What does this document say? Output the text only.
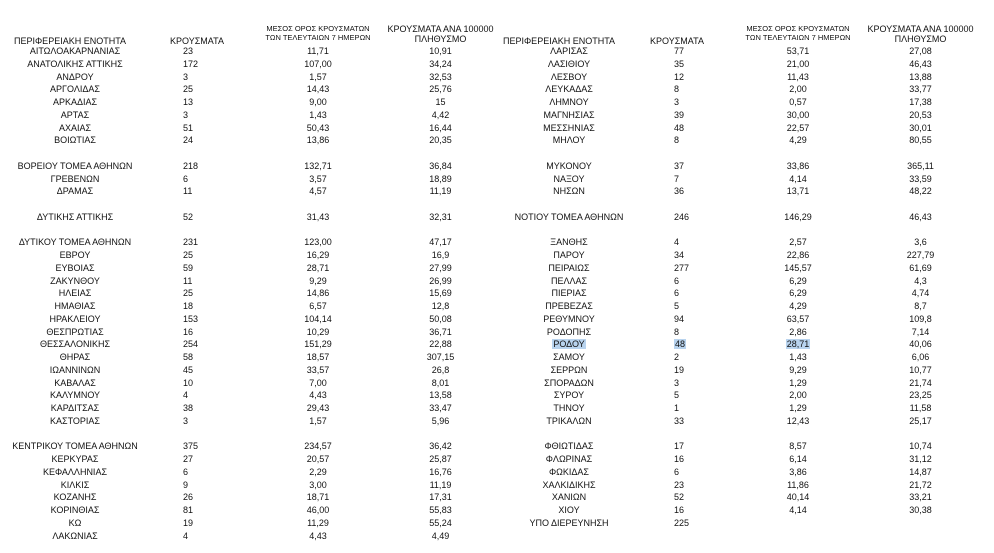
ΠΕΡΙΦΕΡΕΙΑΚΗ ΕΝΟΤΗΤΑ	ΚΡΟΥΣΜΑΤΑ
ΜΕΣΟΣ ΟΡΟΣ ΚΡΟΥΣΜΑΤΩΝ
ΤΩΝ ΤΕΛΕΥΤΑΙΩΝ 7 ΗΜΕΡΩΝ
ΚΡΟΥΣΜΑΤΑ ΑΝΑ 100000
ΠΛΗΘΥΣΜΟ	ΠΕΡΙΦΕΡΕΙΑΚΗ ΕΝΟΤΗΤΑ	ΚΡΟΥΣΜΑΤΑ
ΜΕΣΟΣ ΟΡΟΣ ΚΡΟΥΣΜΑΤΩΝ
ΤΩΝ ΤΕΛΕΥΤΑΙΩΝ 7 ΗΜΕΡΩΝ
ΚΡΟΥΣΜΑΤΑ ΑΝΑ 100000
ΠΛΗΘΥΣΜΟ
ΑΙΤΩΛΟΑΚΑΡΝΑΝΙΑΣ	23	11,71	10,91
ΑΝΑΤΟΛΙΚΗΣ ΑΤΤΙΚΗΣ	172	107,00	34,24
ΑΝΔΡΟΥ	3	1,57	32,53
ΑΡΓΟΛΙΔΑΣ	25	14,43	25,76
ΑΡΚΑΔΙΑΣ	13	9,00	15
ΑΡΤΑΣ	3	1,43	4,42
ΑΧΑΙΑΣ	51	50,43	16,44
ΒΟΙΩΤΙΑΣ	24	13,86	20,35
ΒΟΡΕΙΟΥ ΤΟΜΕΑ ΑΘΗΝΩΝ	218	132,71	36,84
ΓΡΕΒΕΝΩΝ	6	3,57	18,89
ΔΡΑΜΑΣ	11	4,57	11,19
ΔΥΤΙΚΗΣ ΑΤΤΙΚΗΣ	52	31,43	32,31
ΔΥΤΙΚΟΥ ΤΟΜΕΑ ΑΘΗΝΩΝ	231	123,00	47,17
ΕΒΡΟΥ	25	16,29	16,9
ΕΥΒΟΙΑΣ	59	28,71	27,99
ΖΑΚΥΝΘΟΥ	11	9,29	26,99
ΗΛΕΙΑΣ	25	14,86	15,69
ΗΜΑΘΙΑΣ	18	6,57	12,8
ΗΡΑΚΛΕΙΟΥ	153	104,14	50,08
ΘΕΣΠΡΩΤΙΑΣ	16	10,29	36,71
ΘΕΣΣΑΛΟΝΙΚΗΣ	254	151,29	22,88
ΘΗΡΑΣ	58	18,57	307,15
ΙΩΑΝΝΙΝΩΝ	45	33,57	26,8
ΚΑΒΑΛΑΣ	10	7,00	8,01
ΚΑΛΥΜΝΟΥ	4	4,43	13,58
ΚΑΡΔΙΤΣΑΣ	38	29,43	33,47
ΚΑΣΤΟΡΙΑΣ	3	1,57	5,96
ΚΕΝΤΡΙΚΟΥ ΤΟΜΕΑ ΑΘΗΝΩΝ	375	234,57	36,42
ΚΕΡΚΥΡΑΣ	27	20,57	25,87
ΚΕΦΑΛΛΗΝΙΑΣ	6	2,29	16,76
ΚΙΛΚΙΣ	9	3,00	11,19
ΚΟΖΑΝΗΣ	26	18,71	17,31
ΚΟΡΙΝΘΙΑΣ	81	46,00	55,83
ΚΩ	19	11,29	55,24
ΛΑΚΩΝΙΑΣ	4	4,43	4,49
ΛΑΡΙΣΑΣ	77	53,71	27,08
ΛΑΣΙΘΙΟΥ	35	21,00	46,43
ΛΕΣΒΟΥ	12	11,43	13,88
ΛΕΥΚΑΔΑΣ	8	2,00	33,77
ΛΗΜΝΟΥ	3	0,57	17,38
ΜΑΓΝΗΣΙΑΣ	39	30,00	20,53
ΜΕΣΣΗΝΙΑΣ	48	22,57	30,01
ΜΗΛΟΥ	8	4,29	80,55
ΜΥΚΟΝΟΥ	37	33,86	365,11
ΝΑΞΟΥ	7	4,14	33,59
ΝΗΣΩΝ	36	13,71	48,22
ΝΟΤΙΟΥ ΤΟΜΕΑ ΑΘΗΝΩΝ	246	146,29	46,43
ΞΑΝΘΗΣ	4	2,57	3,6
ΠΑΡΟΥ	34	22,86	227,79
ΠΕΙΡΑΙΩΣ	277	145,57	61,69
ΠΕΛΛΑΣ	6	6,29	4,3
ΠΙΕΡΙΑΣ	6	6,29	4,74
ΠΡΕΒΕΖΑΣ	5	4,29	8,7
ΡΕΘΥΜΝΟΥ	94	63,57	109,8
ΡΟΔΟΠΗΣ	8	2,86	7,14
ΡΟΔΟΥ	48	28,71	40,06
ΣΑΜΟΥ	2	1,43	6,06
ΣΕΡΡΩΝ	19	9,29	10,77
ΣΠΟΡΑΔΩΝ	3	1,29	21,74
ΣΥΡΟΥ	5	2,00	23,25
ΤΗΝΟΥ	1	1,29	11,58
ΤΡΙΚΑΛΩΝ	33	12,43	25,17
ΦΘΙΩΤΙΔΑΣ	17	8,57	10,74
ΦΛΩΡΙΝΑΣ	16	6,14	31,12
ΦΩΚΙΔΑΣ	6	3,86	14,87
ΧΑΛΚΙΔΙΚΗΣ	23	11,86	21,72
ΧΑΝΙΩΝ	52	40,14	33,21
ΧΙΟΥ	16	4,14	30,38
ΥΠΟ ΔΙΕΡΕΥΝΗΣΗ	225
